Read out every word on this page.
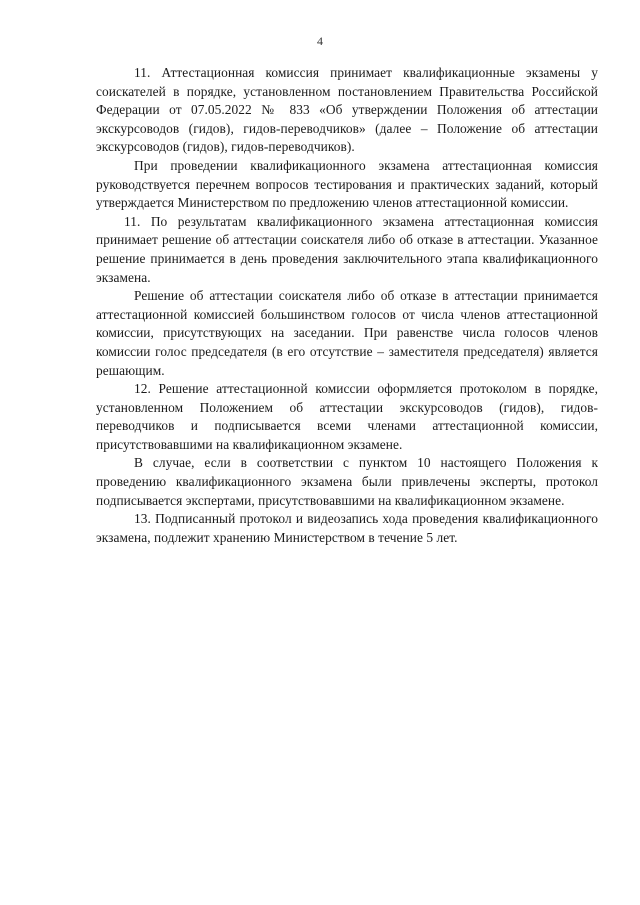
4

11. Аттестационная комиссия принимает квалификационные экзамены у соискателей в порядке, установленном постановлением Правительства Российской Федерации от 07.05.2022 № 833 «Об утверждении Положения об аттестации экскурсоводов (гидов), гидов-переводчиков» (далее – Положение об аттестации экскурсоводов (гидов), гидов-переводчиков).

При проведении квалификационного экзамена аттестационная комиссия руководствуется перечнем вопросов тестирования и практических заданий, который утверждается Министерством по предложению членов аттестационной комиссии.

11. По результатам квалификационного экзамена аттестационная комиссия принимает решение об аттестации соискателя либо об отказе в аттестации. Указанное решение принимается в день проведения заключительного этапа квалификационного экзамена.

Решение об аттестации соискателя либо об отказе в аттестации принимается аттестационной комиссией большинством голосов от числа членов аттестационной комиссии, присутствующих на заседании. При равенстве числа голосов членов комиссии голос председателя (в его отсутствие – заместителя председателя) является решающим.

12. Решение аттестационной комиссии оформляется протоколом в порядке, установленном Положением об аттестации экскурсоводов (гидов), гидов-переводчиков и подписывается всеми членами аттестационной комиссии, присутствовавшими на квалификационном экзамене.

В случае, если в соответствии с пунктом 10 настоящего Положения к проведению квалификационного экзамена были привлечены эксперты, протокол подписывается экспертами, присутствовавшими на квалификационном экзамене.

13. Подписанный протокол и видеозапись хода проведения квалификационного экзамена, подлежит хранению Министерством в течение 5 лет.
